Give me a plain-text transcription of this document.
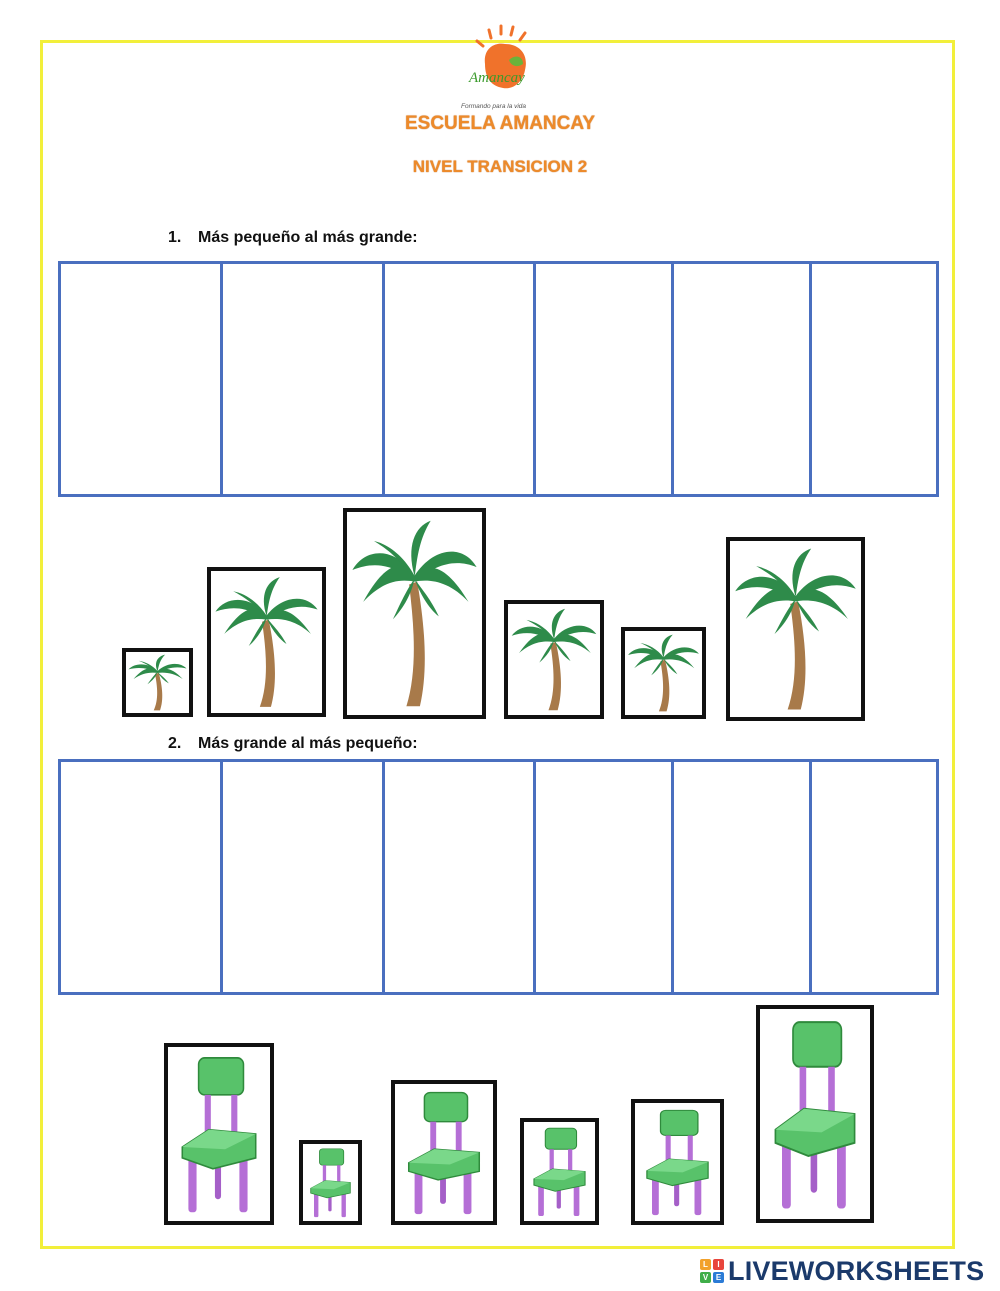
Amancay
Formando para la vida
ESCUELA AMANCAY
NIVEL TRANSICION 2
1. Más pequeño al más grande:
2. Más grande al más pequeño:
L	I
V E LIVEWORKSHEETS
